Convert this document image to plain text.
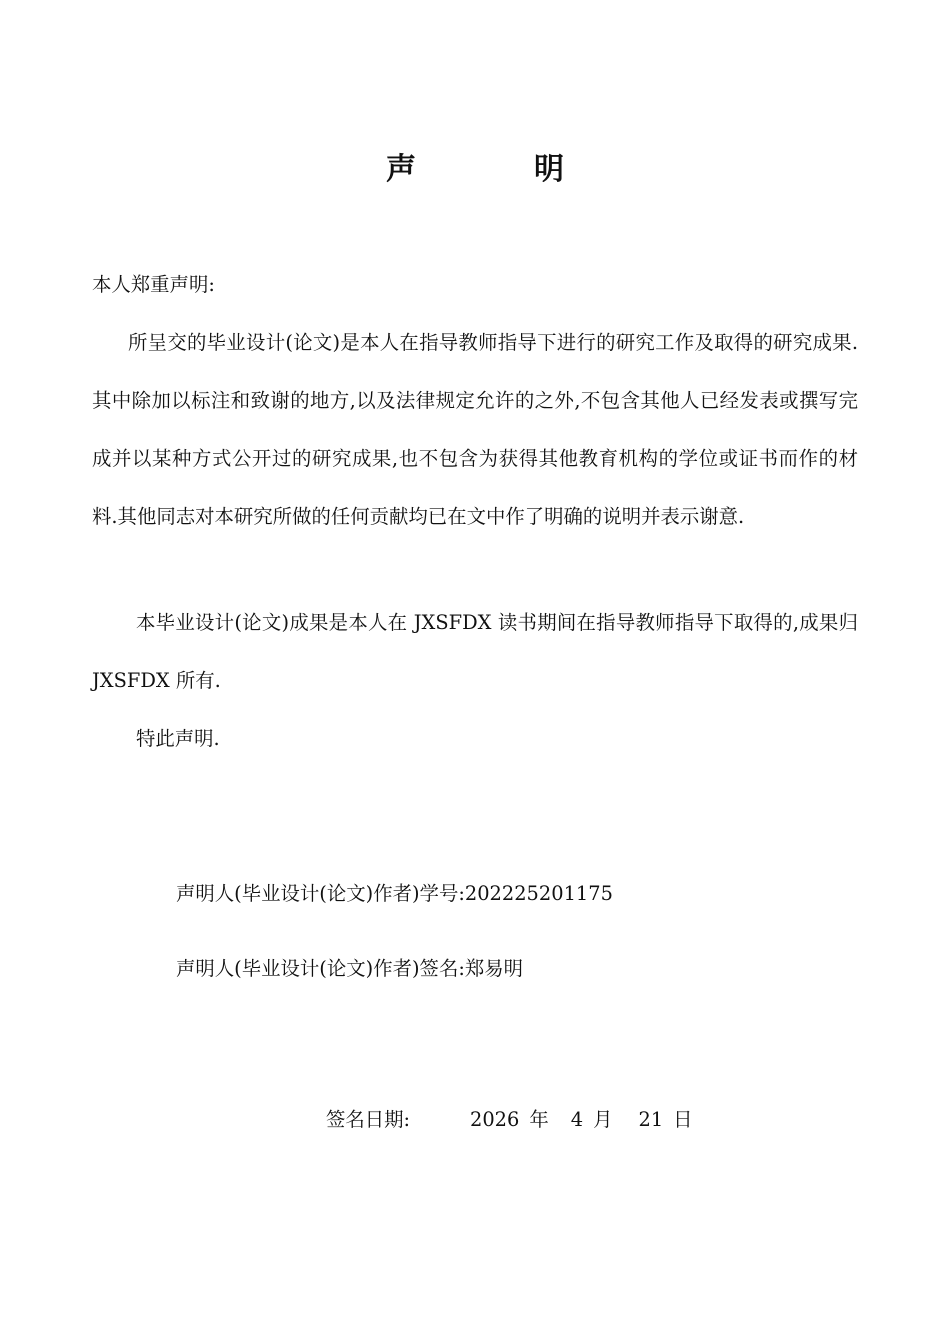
声　明
本人郑重声明:
所呈交的毕业设计(论文)是本人在指导教师指导下进行的研究工作及取得的研究成果.其中除加以标注和致谢的地方,以及法律规定允许的之外,不包含其他人已经发表或撰写完成并以某种方式公开过的研究成果,也不包含为获得其他教育机构的学位或证书而作的材料.其他同志对本研究所做的任何贡献均已在文中作了明确的说明并表示谢意.
本毕业设计(论文)成果是本人在 JXSFDX 读书期间在指导教师指导下取得的,成果归 JXSFDX 所有.
特此声明.
声明人(毕业设计(论文)作者)学号:202225201175
声明人(毕业设计(论文)作者)签名:郑易明
签名日期:	2026 年 4 月 21 日
